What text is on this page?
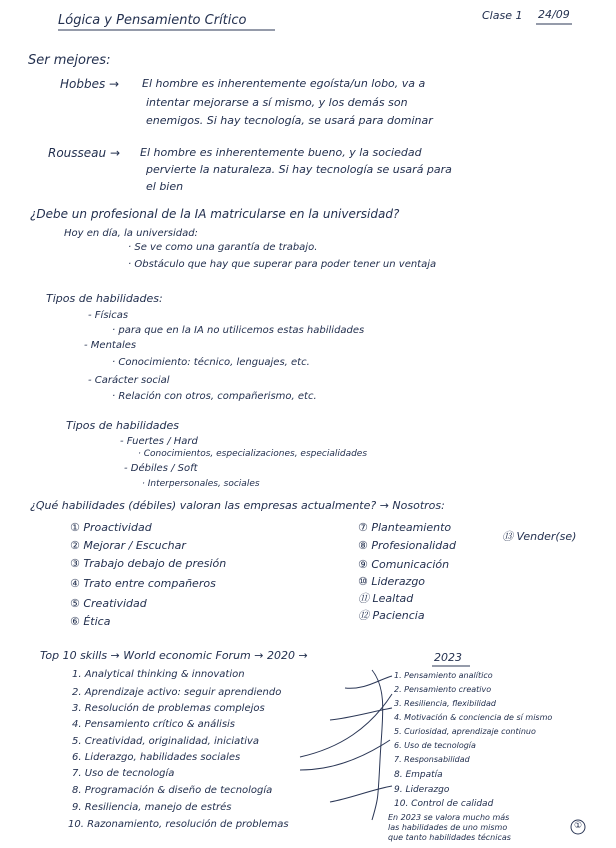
Lógica y Pensamiento Crítico	Clase 1 24/09
Ser mejores:
Hobbes → El hombre es inherentemente egoísta/un lobo, va a
intentar mejorarse a sí mismo, y los demás son
enemigos. Si hay tecnología, se usará para dominar
Rousseau → El hombre es inherentemente bueno, y la sociedad
pervierte la naturaleza. Si hay tecnología se usará para
el bien
¿Debe un profesional de la IA matricularse en la universidad?
Hoy en día, la universidad:
· Se ve como una garantía de trabajo.
· Obstáculo que hay que superar para poder tener un ventaja
Tipos de habilidades:
- Físicas
· para que en la IA no utilicemos estas habilidades
- Mentales
· Conocimiento: técnico, lenguajes, etc.
- Carácter social
· Relación con otros, compañerismo, etc.
Tipos de habilidades
- Fuertes / Hard
· Conocimientos, especializaciones, especialidades
- Débiles / Soft
· Interpersonales, sociales
¿Qué habilidades (débiles) valoran las empresas actualmente? → Nosotros:
① Proactividad
② Mejorar / Escuchar
③ Trabajo debajo de presión
④ Trato entre compañeros
⑤ Creatividad
⑥ Ética
⑦ Planteamiento
⑧ Profesionalidad
⑨ Comunicación
⑩ Liderazgo
⑪ Lealtad
⑫ Paciencia
⑬ Vender(se)
Top 10 skills → World economic Forum → 2020 →	2023
1. Analytical thinking & innovation
2. Aprendizaje activo: seguir aprendiendo
3. Resolución de problemas complejos
4. Pensamiento crítico & análisis
5. Creatividad, originalidad, iniciativa
6. Liderazgo, habilidades sociales
7. Uso de tecnología
8. Programación & diseño de tecnología
9. Resiliencia, manejo de estrés
10. Razonamiento, resolución de problemas
1. Pensamiento analítico
2. Pensamiento creativo
3. Resiliencia, flexibilidad
4. Motivación & conciencia de sí mismo
5. Curiosidad, aprendizaje continuo
6. Uso de tecnología
7. Responsabilidad
8. Empatía
9. Liderazgo
10. Control de calidad
En 2023 se valora mucho más
las habilidades de uno mismo
que tanto habilidades técnicas
①
